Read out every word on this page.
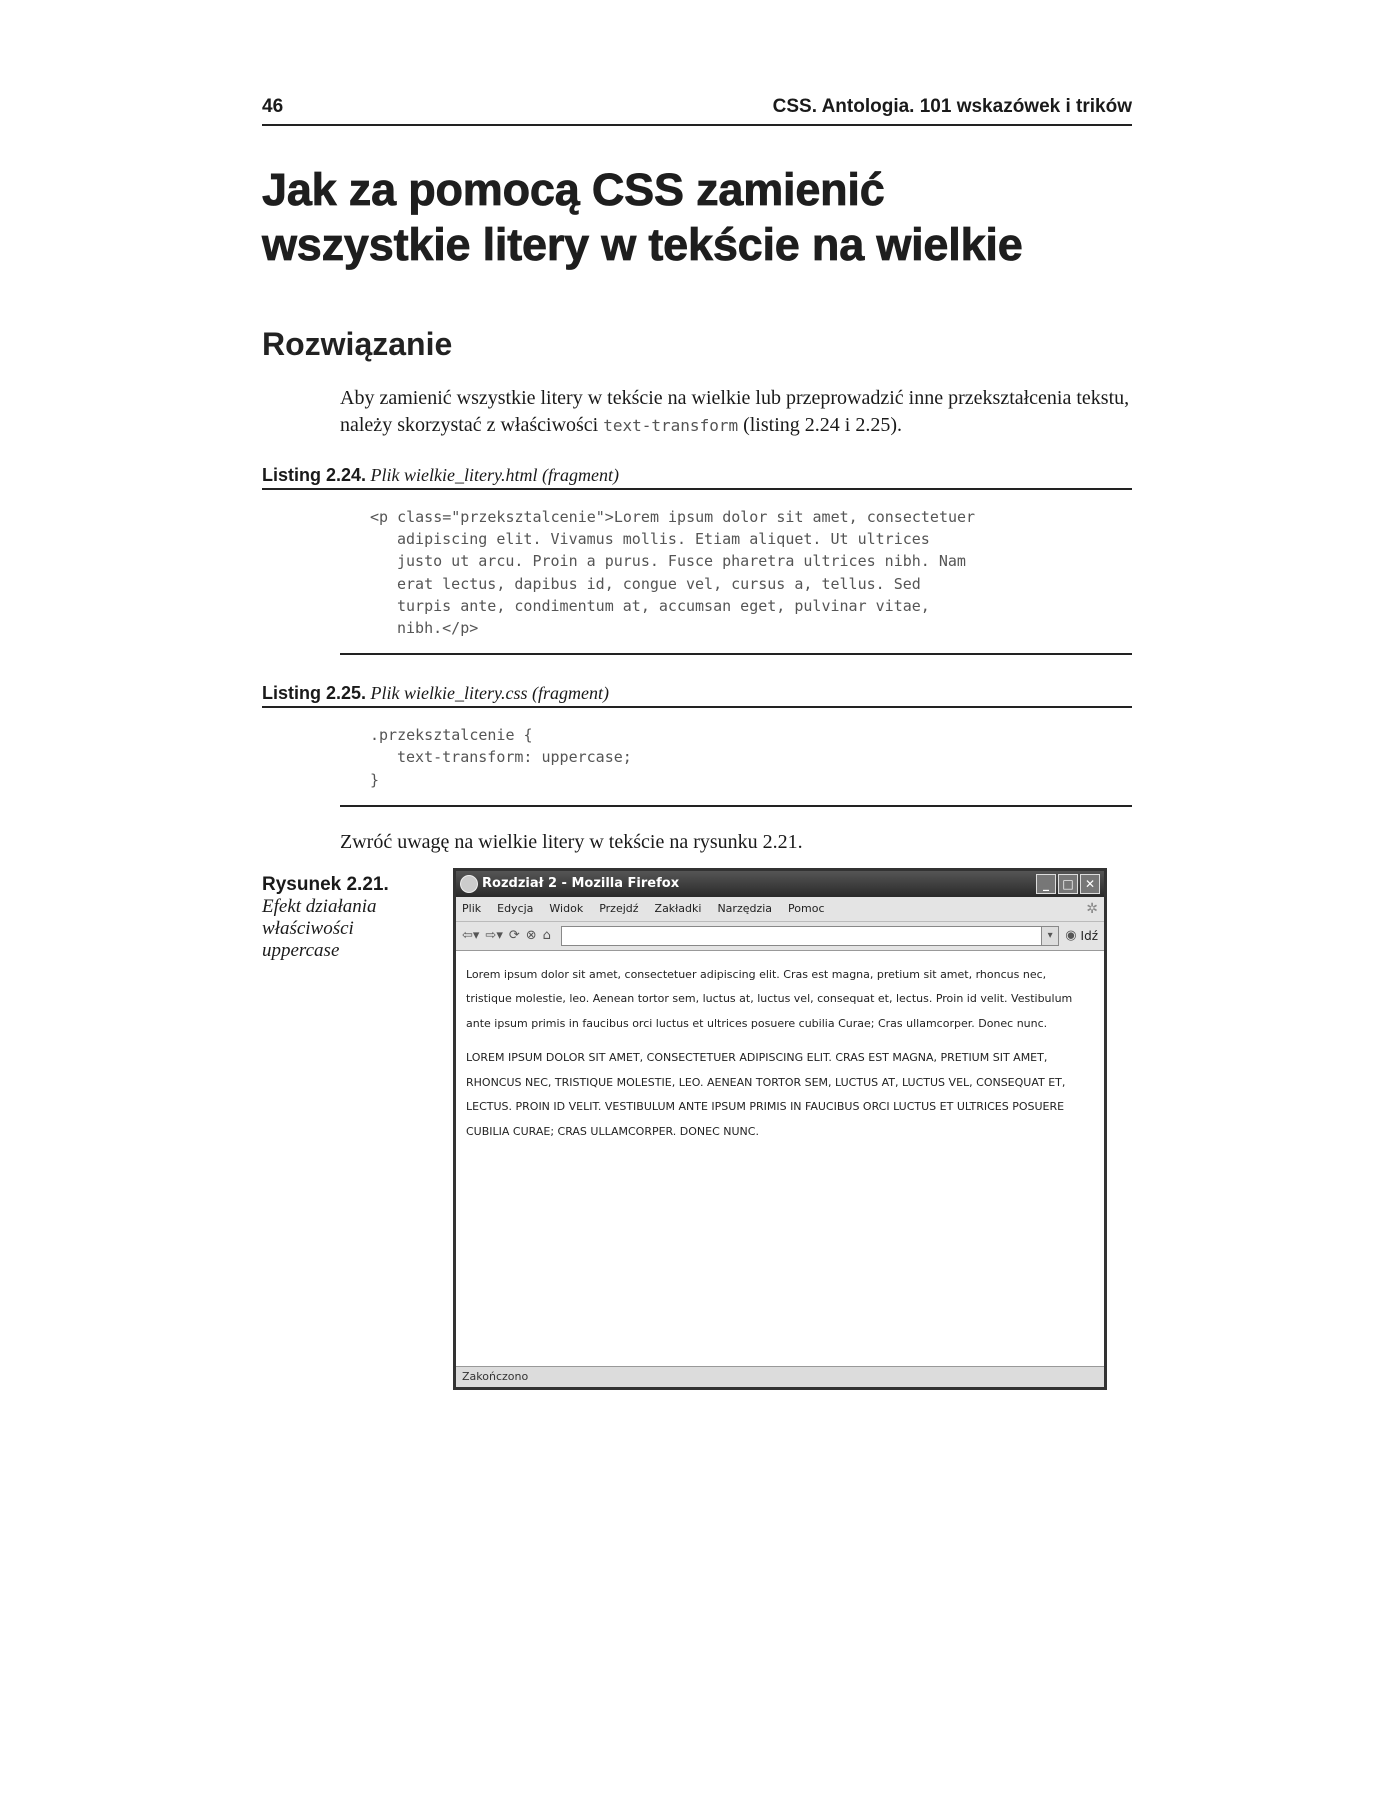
46	CSS. Antologia. 101 wskazówek i trików
Jak za pomocą CSS zamienić
wszystkie litery w tekście na wielkie
Rozwiązanie

Aby zamienić wszystkie litery w tekście na wielkie lub przeprowadzić inne przekształcenia tekstu, należy skorzystać z właściwości text-transform (listing 2.24 i 2.25).

Listing 2.24. Plik wielkie_litery.html (fragment)
<p class="przeksztalcenie">Lorem ipsum dolor sit amet, consectetuer
adipiscing elit. Vivamus mollis. Etiam aliquet. Ut ultrices
justo ut arcu. Proin a purus. Fusce pharetra ultrices nibh. Nam
erat lectus, dapibus id, congue vel, cursus a, tellus. Sed
turpis ante, condimentum at, accumsan eget, pulvinar vitae,
nibh.</p>
Listing 2.25. Plik wielkie_litery.css (fragment)
.przeksztalcenie {
text-transform: uppercase;
}

Zwróć uwagę na wielkie litery w tekście na rysunku 2.21.

Rysunek 2.21.
Efekt działania
właściwości
uppercase
Rozdział 2 - Mozilla Firefox	_	□ ✕
Plik Edycja Widok Przejdź Zakładki Narzędzia Pomoc	✲
⇦▾ ⇨▾ ⟳ ⊗ ⌂	▾ ◉ Idź

Lorem ipsum dolor sit amet, consectetuer adipiscing elit. Cras est magna, pretium sit amet, rhoncus nec, tristique molestie, leo. Aenean tortor sem, luctus at, luctus vel, consequat et, lectus. Proin id velit. Vestibulum ante ipsum primis in faucibus orci luctus et ultrices posuere cubilia Curae; Cras ullamcorper. Donec nunc.

LOREM IPSUM DOLOR SIT AMET, CONSECTETUER ADIPISCING ELIT. CRAS EST MAGNA, PRETIUM SIT AMET, RHONCUS NEC, TRISTIQUE MOLESTIE, LEO. AENEAN TORTOR SEM, LUCTUS AT, LUCTUS VEL, CONSEQUAT ET, LECTUS. PROIN ID VELIT. VESTIBULUM ANTE IPSUM PRIMIS IN FAUCIBUS ORCI LUCTUS ET ULTRICES POSUERE CUBILIA CURAE; CRAS ULLAMCORPER. DONEC NUNC.

Zakończono
